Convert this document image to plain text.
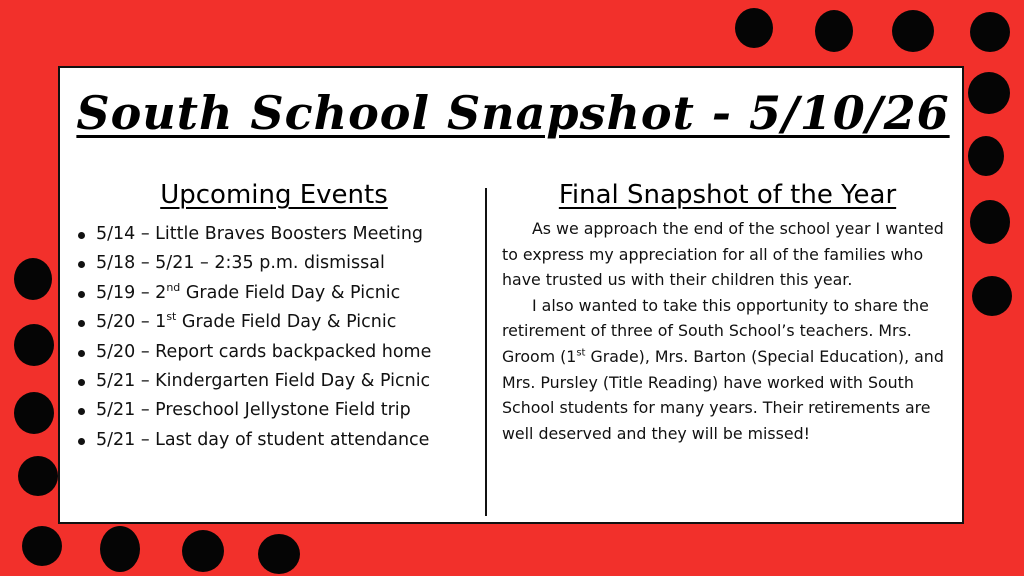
South School Snapshot - 5/10/26
Upcoming Events
5/14 – Little Braves Boosters Meeting
5/18 – 5/21 – 2:35 p.m. dismissal
5/19 – 2nd Grade Field Day & Picnic
5/20 – 1st Grade Field Day & Picnic
5/20 – Report cards backpacked home
5/21 – Kindergarten Field Day & Picnic
5/21 – Preschool Jellystone Field trip
5/21 – Last day of student attendance
Final Snapshot of the Year

As we approach the end of the school year I wanted to express my appreciation for all of the families who have trusted us with their children this year.

I also wanted to take this opportunity to share the retirement of three of South School’s teachers. Mrs. Groom (1st Grade), Mrs. Barton (Special Education), and Mrs. Pursley (Title Reading) have worked with South School students for many years. Their retirements are well deserved and they will be missed!
